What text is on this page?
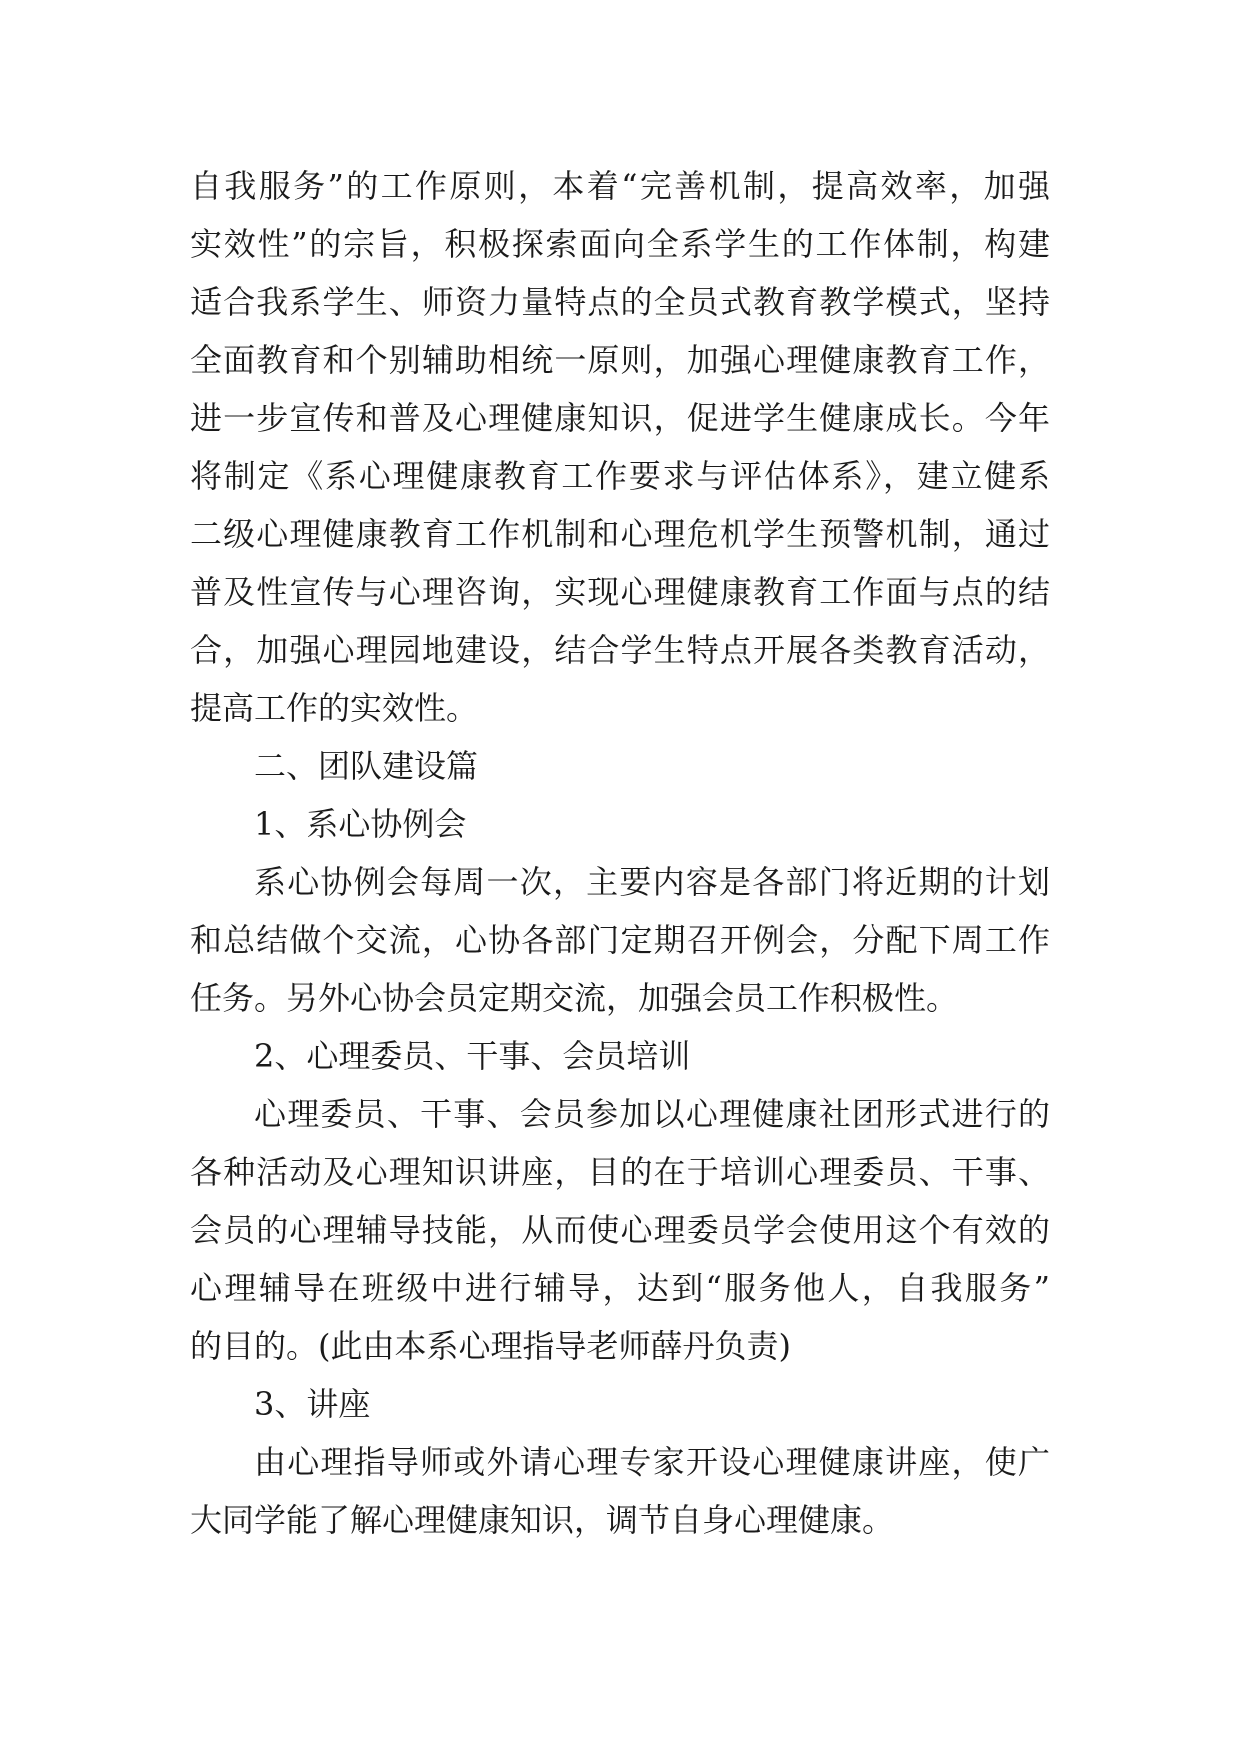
自我服务”的工作原则，本着“完善机制，提高效率，加强
实效性”的宗旨，积极探索面向全系学生的工作体制，构建
适合我系学生、师资力量特点的全员式教育教学模式，坚持
全面教育和个别辅助相统一原则，加强心理健康教育工作，
进一步宣传和普及心理健康知识，促进学生健康成长。今年
将制定《系心理健康教育工作要求与评估体系》，建立健系
二级心理健康教育工作机制和心理危机学生预警机制，通过
普及性宣传与心理咨询，实现心理健康教育工作面与点的结
合，加强心理园地建设，结合学生特点开展各类教育活动，
提高工作的实效性。
二、团队建设篇
1、系心协例会
系心协例会每周一次，主要内容是各部门将近期的计划
和总结做个交流，心协各部门定期召开例会，分配下周工作
任务。另外心协会员定期交流，加强会员工作积极性。
2、心理委员、干事、会员培训
心理委员、干事、会员参加以心理健康社团形式进行的
各种活动及心理知识讲座，目的在于培训心理委员、干事、
会员的心理辅导技能，从而使心理委员学会使用这个有效的
心理辅导在班级中进行辅导，达到“服务他人，自我服务”
的目的。(此由本系心理指导老师薛丹负责)
3、讲座
由心理指导师或外请心理专家开设心理健康讲座，使广
大同学能了解心理健康知识，调节自身心理健康。
